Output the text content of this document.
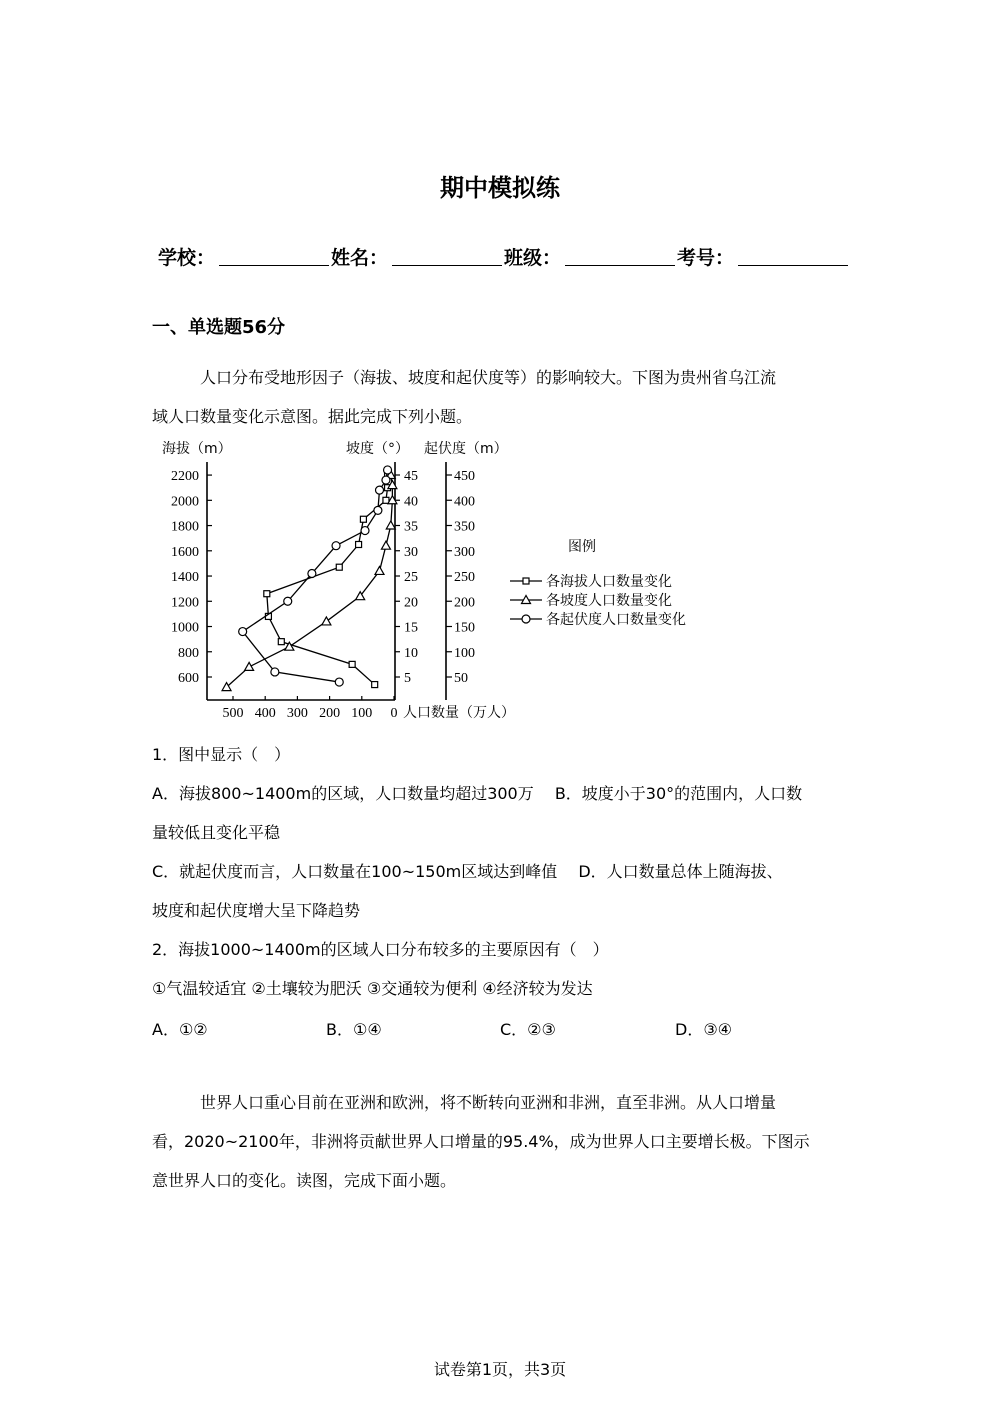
期中模拟练
学校：	姓名：	班级：	考号：
一、单选题56分
人口分布受地形因子（海拔、坡度和起伏度等）的影响较大。下图为贵州省乌江流
域人口数量变化示意图。据此完成下列小题。
海拔（m）	坡度（°） 起伏度（m）
600
800
1000
1200
1400
1600
1800
2000
2200
5
10
15
20
25
30
35
40
45
50
100
150
200
250
300
350
400
450
500 400 300 200 100 0 人口数量（万人）
图例
各海拔人口数量变化
各坡度人口数量变化
各起伏度人口数量变化
1．图中显示（　）
A．海拔800~1400m的区域，人口数量均超过300万　 B．坡度小于30°的范围内，人口数
量较低且变化平稳
C．就起伏度而言，人口数量在100~150m区域达到峰值　 D．人口数量总体上随海拔、
坡度和起伏度增大呈下降趋势
2．海拔1000~1400m的区域人口分布较多的主要原因有（　）
①气温较适宜 ②土壤较为肥沃 ③交通较为便利 ④经济较为发达
A．①②	B．①④	C．②③	D．③④
世界人口重心目前在亚洲和欧洲，将不断转向亚洲和非洲，直至非洲。从人口增量
看，2020~2100年，非洲将贡献世界人口增量的95.4%，成为世界人口主要增长极。下图示
意世界人口的变化。读图，完成下面小题。
试卷第1页，共3页
